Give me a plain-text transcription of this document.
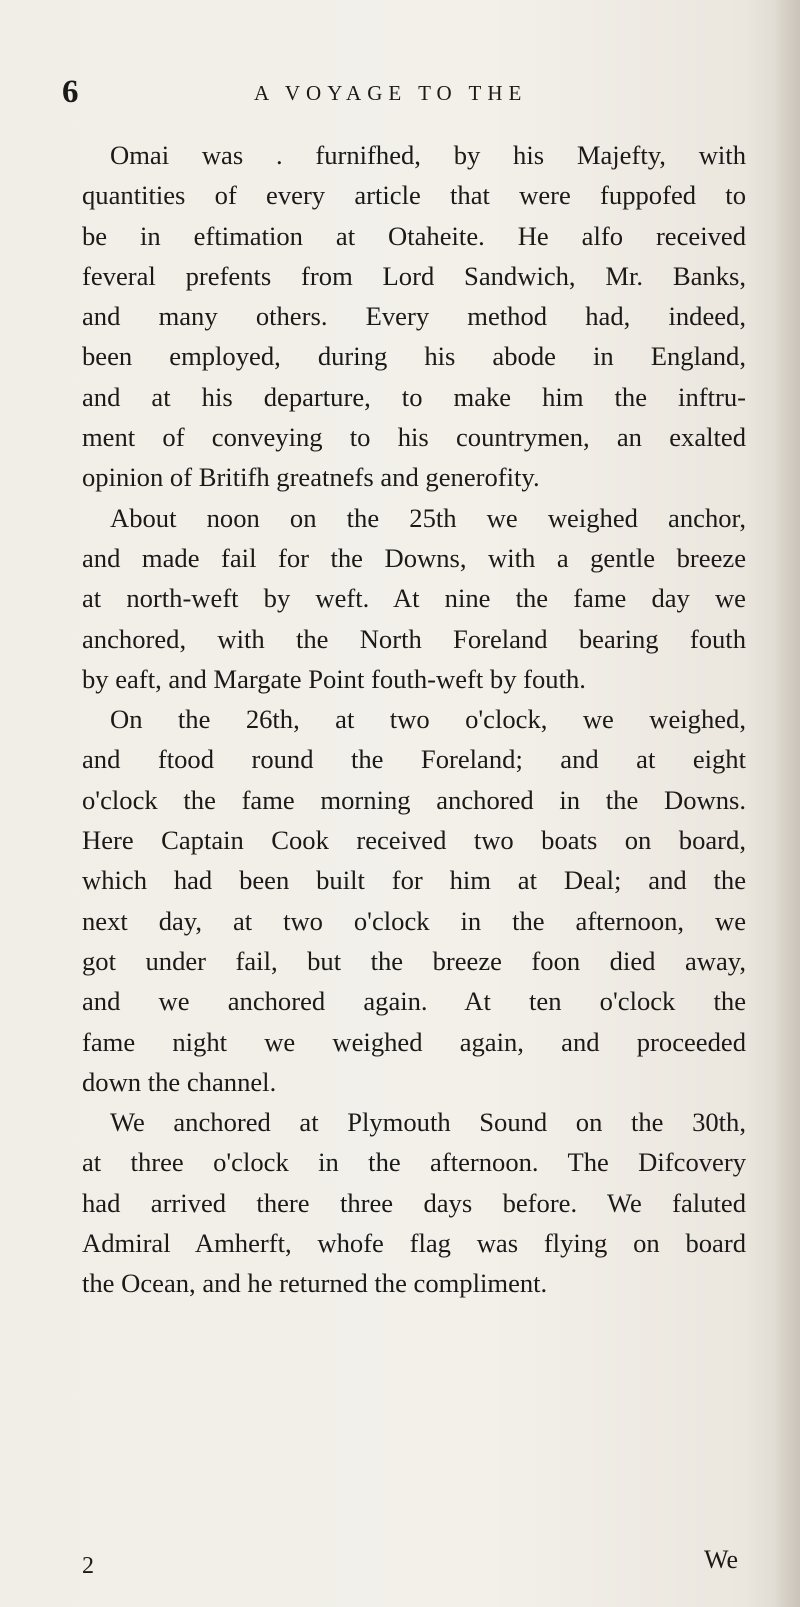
6	A VOYAGE TO THE
Omai was . furnifhed, by his Majefty, with
quantities of every article that were fuppofed to
be in eftimation at Otaheite. He alfo received
feveral prefents from Lord Sandwich, Mr. Banks,
and many others. Every method had, indeed,
been employed, during his abode in England,
and at his departure, to make him the inftru-
ment of conveying to his countrymen, an exalted
opinion of Britifh greatnefs and generofity.
About noon on the 25th we weighed anchor,
and made fail for the Downs, with a gentle breeze
at north-weft by weft. At nine the fame day we
anchored, with the North Foreland bearing fouth
by eaft, and Margate Point fouth-weft by fouth.
On the 26th, at two o'clock, we weighed,
and ftood round the Foreland; and at eight
o'clock the fame morning anchored in the Downs.
Here Captain Cook received two boats on board,
which had been built for him at Deal; and the
next day, at two o'clock in the afternoon, we
got under fail, but the breeze foon died away,
and we anchored again. At ten o'clock the
fame night we weighed again, and proceeded
down the channel.
We anchored at Plymouth Sound on the 30th,
at three o'clock in the afternoon. The Difcovery
had arrived there three days before. We faluted
Admiral Amherft, whofe flag was flying on board
the Ocean, and he returned the compliment.
2	We
